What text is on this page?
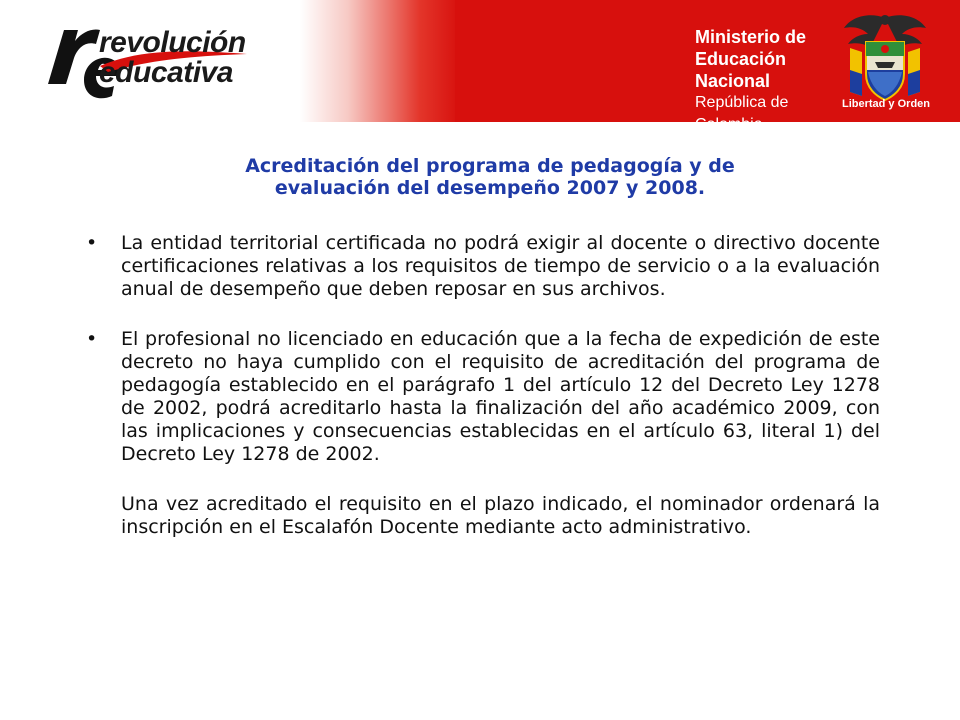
revolución
educativa
Ministerio de
Educación Nacional
República de Colombia
Libertad y Orden
Acreditación del programa de pedagogía y de
evaluación del desempeño 2007 y 2008.
• La entidad territorial certificada no podrá exigir al docente o directivo docente certificaciones relativas a los requisitos de tiempo de servicio o a la evaluación anual de desempeño que deben reposar en sus archivos.

• El profesional no licenciado en educación que a la fecha de expedición de este decreto no haya cumplido con el requisito de acreditación del programa de pedagogía establecido en el parágrafo 1 del artículo 12 del Decreto Ley 1278 de 2002, podrá acreditarlo hasta la finalización del año académico 2009, con las implicaciones y consecuencias establecidas en el artículo 63, literal 1) del Decreto Ley 1278 de 2002.

Una vez acreditado el requisito en el plazo indicado, el nominador ordenará la inscripción en el Escalafón Docente mediante acto administrativo.
